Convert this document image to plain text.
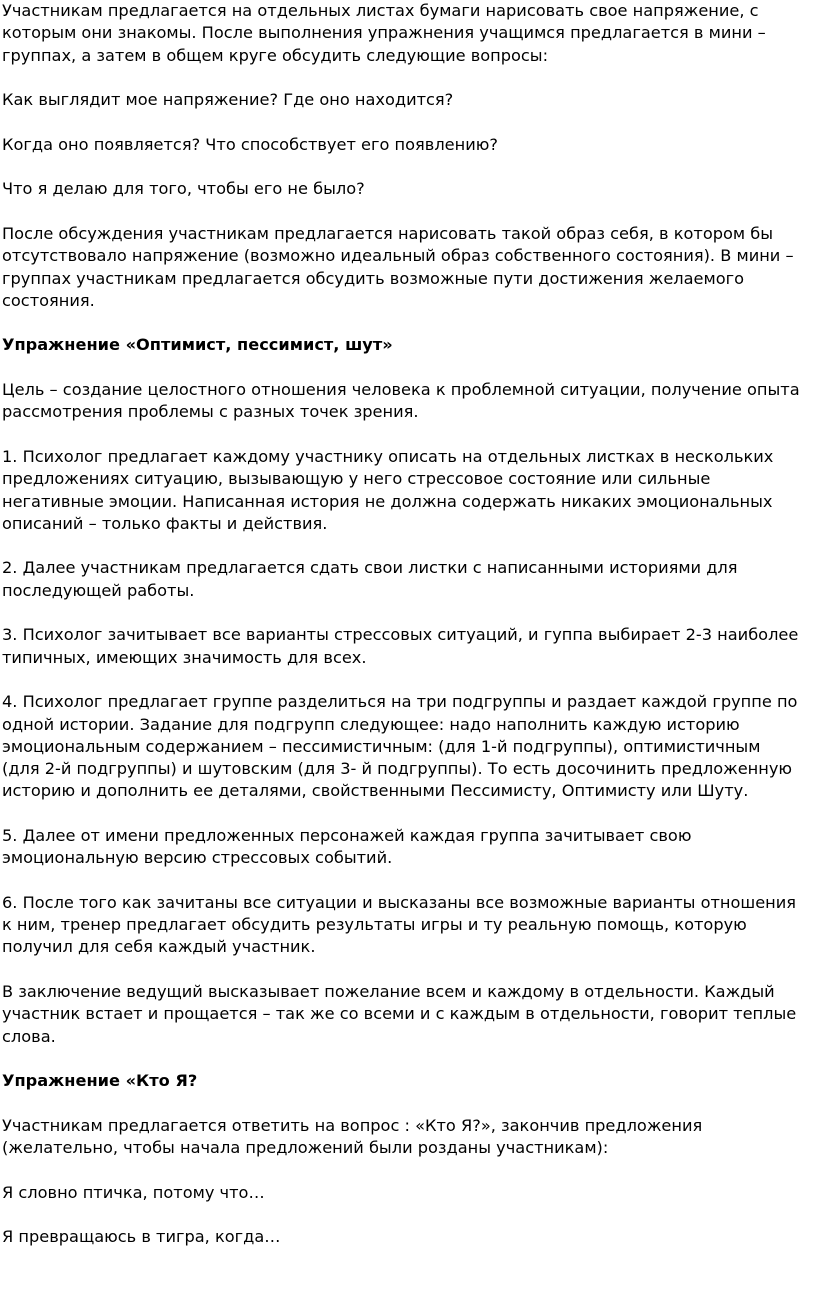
Участникам предлагается на отдельных листах бумаги нарисовать свое напряжение, с которым они знакомы. После выполнения упражнения учащимся предлагается в мини – группах, а затем в общем круге обсудить следующие вопросы:

Как выглядит мое напряжение? Где оно находится?

Когда оно появляется? Что способствует его появлению?

Что я делаю для того, чтобы его не было?

После обсуждения участникам предлагается нарисовать такой образ себя, в котором бы отсутствовало напряжение (возможно идеальный образ собственного состояния). В мини – группах участникам предлагается обсудить возможные пути достижения желаемого состояния.

Упражнение «Оптимист, пессимист, шут»

Цель – создание целостного отношения человека к проблемной ситуации, получение опыта рассмотрения проблемы с разных точек зрения.

1. Психолог предлагает каждому участнику описать на отдельных листках в нескольких предложениях ситуацию, вызывающую у него стрессовое состояние или сильные негативные эмоции. Написанная история не должна содержать никаких эмоциональных описаний – только факты и действия.

2. Далее участникам предлагается сдать свои листки с написанными историями для последующей работы.

3. Психолог зачитывает все варианты стрессовых ситуаций, и гуппа выбирает 2-3 наиболее типичных, имеющих значимость для всех.

4. Психолог предлагает группе разделиться на три подгруппы и раздает каждой группе по одной истории. Задание для подгрупп следующее: надо наполнить каждую историю эмоциональным содержанием – пессимистичным: (для 1-й подгруппы), оптимистичным (для 2-й подгруппы) и шутовским (для 3- й подгруппы). То есть досочинить предложенную историю и дополнить ее деталями, свойственными Пессимисту, Оптимисту или Шуту.

5. Далее от имени предложенных персонажей каждая группа зачитывает свою эмоциональную версию стрессовых событий.

6. После того как зачитаны все ситуации и высказаны все возможные варианты отношения к ним, тренер предлагает обсудить результаты игры и ту реальную помощь, которую получил для себя каждый участник.

В заключение ведущий высказывает пожелание всем и каждому в отдельности. Каждый участник встает и прощается – так же со всеми и с каждым в отдельности, говорит теплые слова.

Упражнение «Кто Я?

Участникам предлагается ответить на вопрос : «Кто Я?», закончив предложения (желательно, чтобы начала предложений были розданы участникам):

Я словно птичка, потому что…

Я превращаюсь в тигра, когда…
